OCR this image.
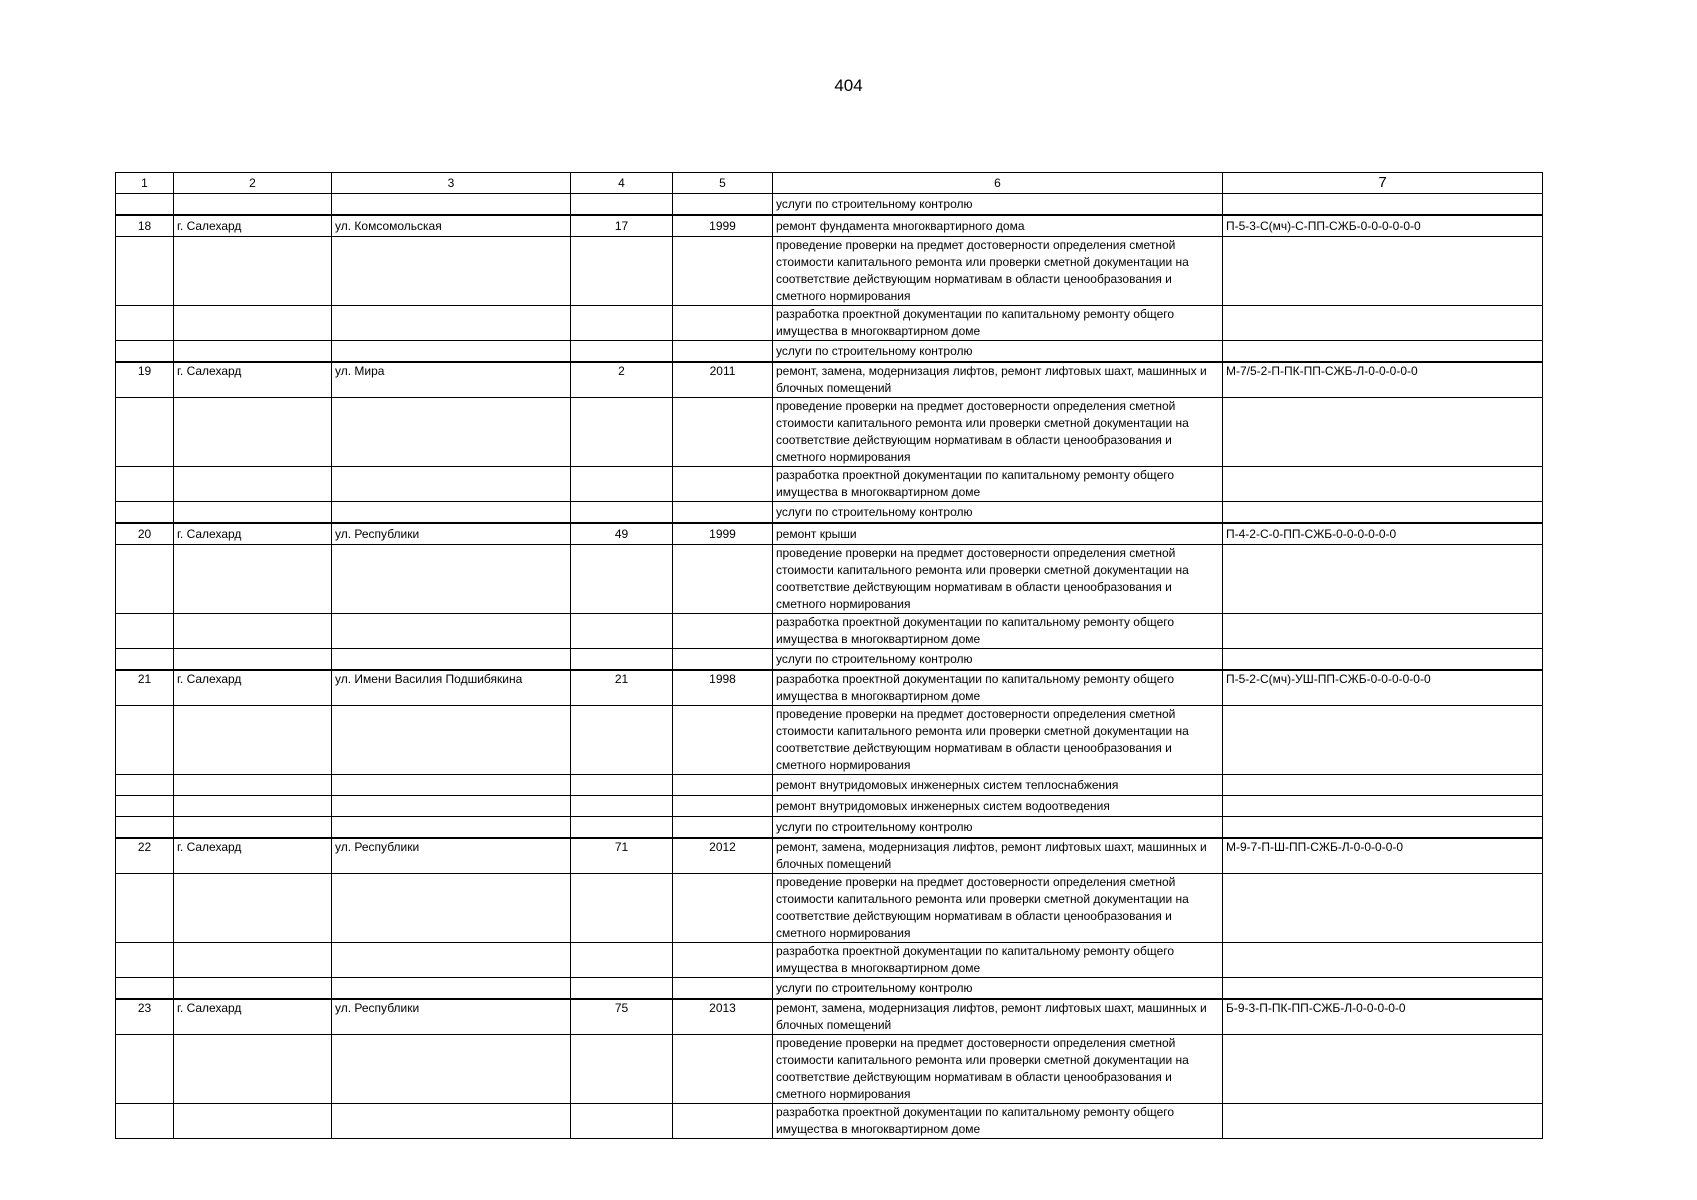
404
1	2	3	4	5	6	7
					услуги по строительному контролю	
18	г. Салехард	ул. Комсомольская	17	1999	ремонт фундамента многоквартирного дома	П-5-3-С(мч)-С-ПП-СЖБ-0-0-0-0-0-0
					проведение проверки на предмет достоверности определения сметной стоимости капитального ремонта или проверки сметной документации на соответствие действующим нормативам в области ценообразования и сметного нормирования	
					разработка проектной документации по капитальному ремонту общего имущества в многоквартирном доме	
					услуги по строительному контролю	
19	г. Салехард	ул. Мира	2	2011	ремонт, замена, модернизация лифтов, ремонт лифтовых шахт, машинных и блочных помещений	М-7/5-2-П-ПК-ПП-СЖБ-Л-0-0-0-0-0
					проведение проверки на предмет достоверности определения сметной стоимости капитального ремонта или проверки сметной документации на соответствие действующим нормативам в области ценообразования и сметного нормирования	
					разработка проектной документации по капитальному ремонту общего имущества в многоквартирном доме	
					услуги по строительному контролю	
20	г. Салехард	ул. Республики	49	1999	ремонт крыши	П-4-2-С-0-ПП-СЖБ-0-0-0-0-0-0
					проведение проверки на предмет достоверности определения сметной стоимости капитального ремонта или проверки сметной документации на соответствие действующим нормативам в области ценообразования и сметного нормирования	
					разработка проектной документации по капитальному ремонту общего имущества в многоквартирном доме	
					услуги по строительному контролю	
21	г. Салехард	ул. Имени Василия Подшибякина	21	1998	разработка проектной документации по капитальному ремонту общего имущества в многоквартирном доме	П-5-2-С(мч)-УШ-ПП-СЖБ-0-0-0-0-0-0
					проведение проверки на предмет достоверности определения сметной стоимости капитального ремонта или проверки сметной документации на соответствие действующим нормативам в области ценообразования и сметного нормирования	
					ремонт внутридомовых инженерных систем теплоснабжения	
					ремонт внутридомовых инженерных систем водоотведения	
					услуги по строительному контролю	
22	г. Салехард	ул. Республики	71	2012	ремонт, замена, модернизация лифтов, ремонт лифтовых шахт, машинных и блочных помещений	М-9-7-П-Ш-ПП-СЖБ-Л-0-0-0-0-0
					проведение проверки на предмет достоверности определения сметной стоимости капитального ремонта или проверки сметной документации на соответствие действующим нормативам в области ценообразования и сметного нормирования	
					разработка проектной документации по капитальному ремонту общего имущества в многоквартирном доме	
					услуги по строительному контролю	
23	г. Салехард	ул. Республики	75	2013	ремонт, замена, модернизация лифтов, ремонт лифтовых шахт, машинных и блочных помещений	Б-9-3-П-ПК-ПП-СЖБ-Л-0-0-0-0-0
					проведение проверки на предмет достоверности определения сметной стоимости капитального ремонта или проверки сметной документации на соответствие действующим нормативам в области ценообразования и сметного нормирования	
					разработка проектной документации по капитальному ремонту общего имущества в многоквартирном доме	
